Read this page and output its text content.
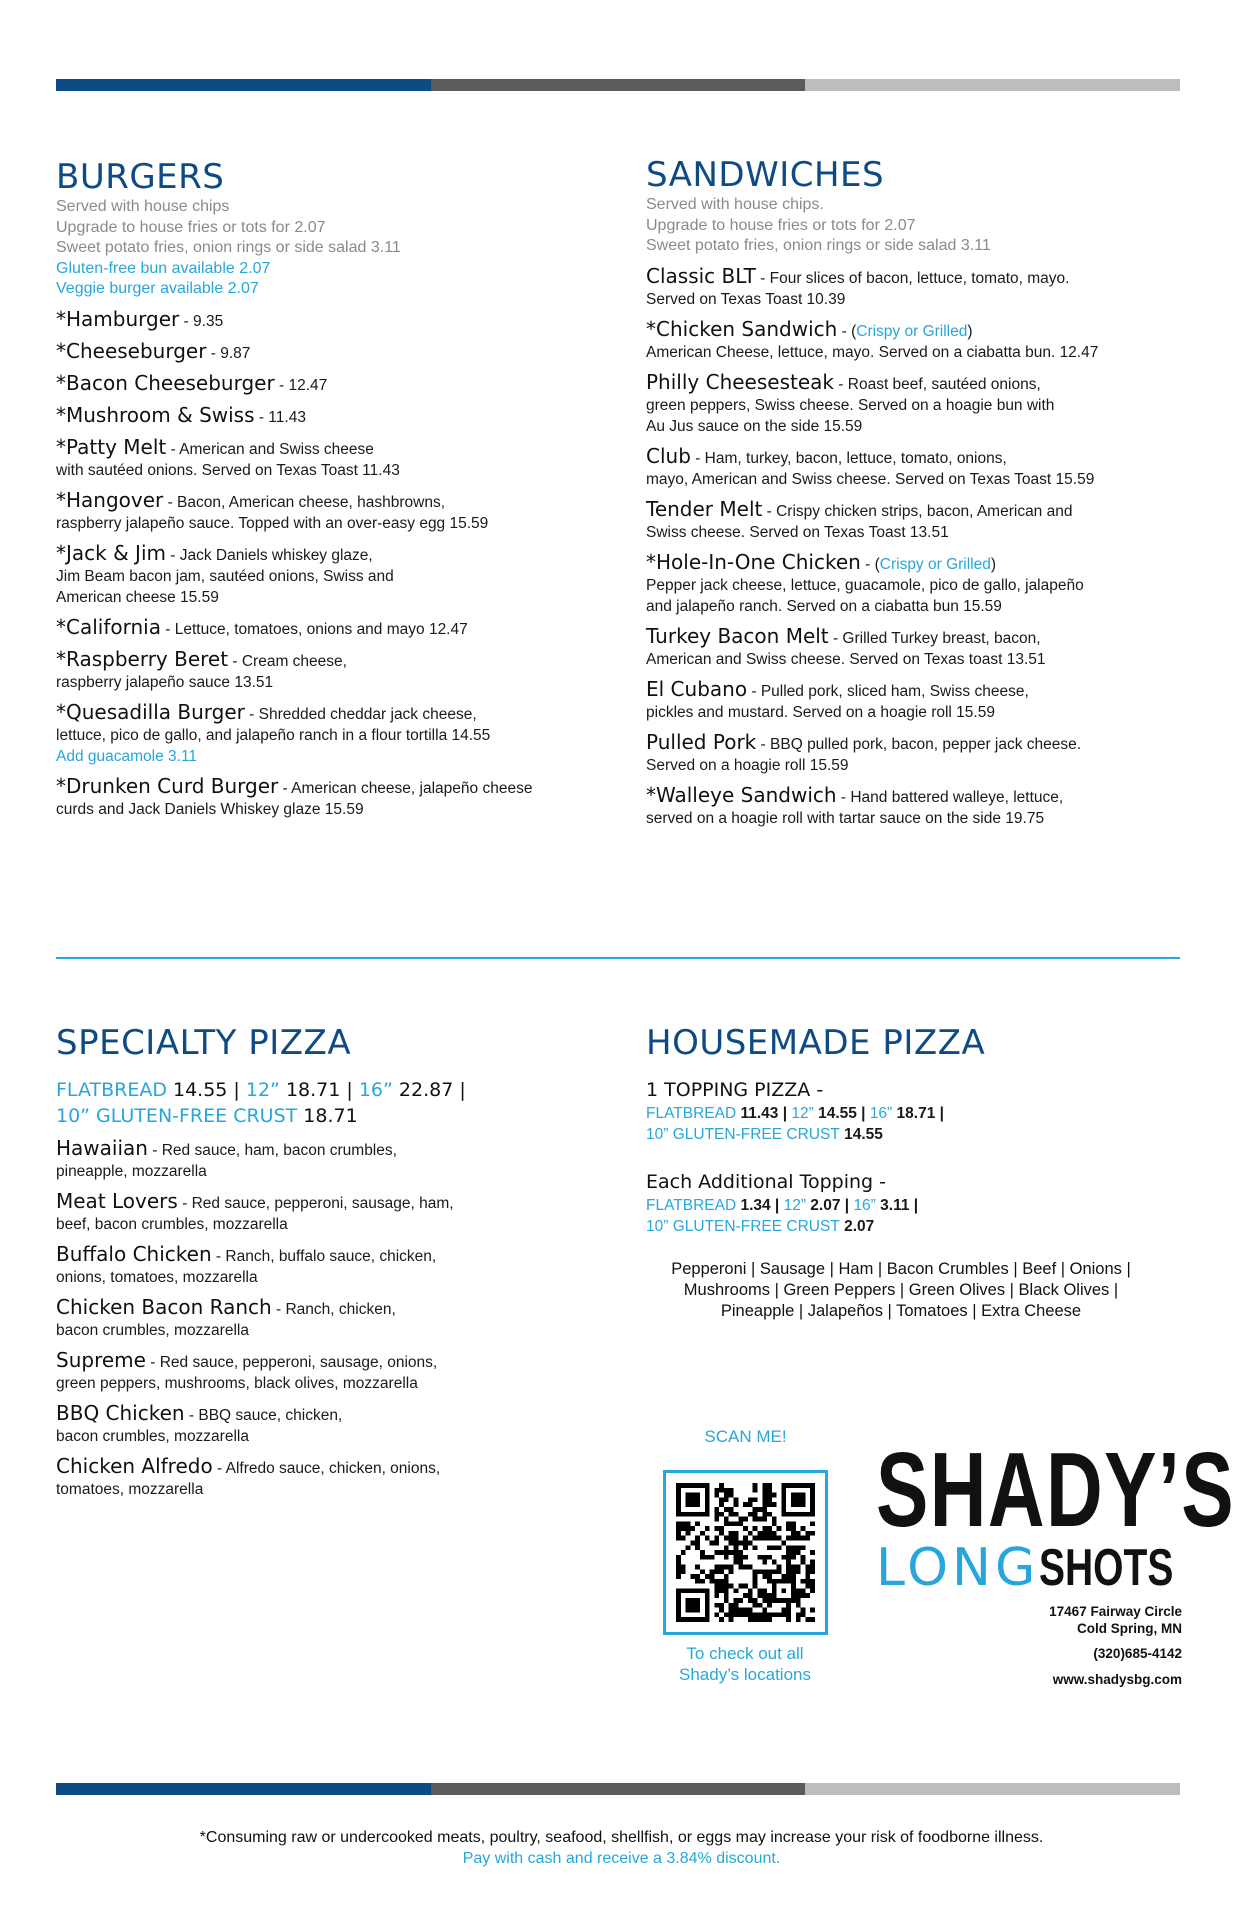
BURGERS
Served with house chips
Upgrade to house fries or tots for 2.07
Sweet potato fries, onion rings or side salad 3.11
Gluten-free bun available 2.07
Veggie burger available 2.07
*Hamburger - 9.35
*Cheeseburger - 9.87
*Bacon Cheeseburger - 12.47
*Mushroom & Swiss - 11.43
*Patty Melt - American and Swiss cheese
with sautéed onions. Served on Texas Toast 11.43
*Hangover - Bacon, American cheese, hashbrowns,
raspberry jalapeño sauce. Topped with an over-easy egg 15.59
*Jack & Jim - Jack Daniels whiskey glaze,
Jim Beam bacon jam, sautéed onions, Swiss and
American cheese 15.59
*California - Lettuce, tomatoes, onions and mayo 12.47
*Raspberry Beret - Cream cheese,
raspberry jalapeño sauce 13.51
*Quesadilla Burger - Shredded cheddar jack cheese,
lettuce, pico de gallo, and jalapeño ranch in a flour tortilla 14.55
Add guacamole 3.11
*Drunken Curd Burger - American cheese, jalapeño cheese
curds and Jack Daniels Whiskey glaze 15.59
SANDWICHES
Served with house chips.
Upgrade to house fries or tots for 2.07
Sweet potato fries, onion rings or side salad 3.11
Classic BLT - Four slices of bacon, lettuce, tomato, mayo.
Served on Texas Toast 10.39
*Chicken Sandwich - (Crispy or Grilled)
American Cheese, lettuce, mayo. Served on a ciabatta bun. 12.47
Philly Cheesesteak - Roast beef, sautéed onions,
green peppers, Swiss cheese. Served on a hoagie bun with
Au Jus sauce on the side 15.59
Club - Ham, turkey, bacon, lettuce, tomato, onions,
mayo, American and Swiss cheese. Served on Texas Toast 15.59
Tender Melt - Crispy chicken strips, bacon, American and
Swiss cheese. Served on Texas Toast 13.51
*Hole-In-One Chicken - (Crispy or Grilled)
Pepper jack cheese, lettuce, guacamole, pico de gallo, jalapeño
and jalapeño ranch. Served on a ciabatta bun 15.59
Turkey Bacon Melt - Grilled Turkey breast, bacon,
American and Swiss cheese. Served on Texas toast 13.51
El Cubano - Pulled pork, sliced ham, Swiss cheese,
pickles and mustard. Served on a hoagie roll 15.59
Pulled Pork - BBQ pulled pork, bacon, pepper jack cheese.
Served on a hoagie roll 15.59
*Walleye Sandwich - Hand battered walleye, lettuce,
served on a hoagie roll with tartar sauce on the side 19.75
SPECIALTY PIZZA
FLATBREAD 14.55 | 12” 18.71 | 16” 22.87 |
10” GLUTEN-FREE CRUST 18.71
Hawaiian - Red sauce, ham, bacon crumbles,
pineapple, mozzarella
Meat Lovers - Red sauce, pepperoni, sausage, ham,
beef, bacon crumbles, mozzarella
Buffalo Chicken - Ranch, buffalo sauce, chicken,
onions, tomatoes, mozzarella
Chicken Bacon Ranch - Ranch, chicken,
bacon crumbles, mozzarella
Supreme - Red sauce, pepperoni, sausage, onions,
green peppers, mushrooms, black olives, mozzarella
BBQ Chicken - BBQ sauce, chicken,
bacon crumbles, mozzarella
Chicken Alfredo - Alfredo sauce, chicken, onions,
tomatoes, mozzarella
HOUSEMADE PIZZA
1 TOPPING PIZZA -
FLATBREAD 11.43 | 12” 14.55 | 16” 18.71 |
10” GLUTEN-FREE CRUST 14.55
Each Additional Topping -
FLATBREAD 1.34 | 12” 2.07 | 16” 3.11 |
10” GLUTEN-FREE CRUST 2.07
Pepperoni | Sausage | Ham | Bacon Crumbles | Beef | Onions |
Mushrooms | Green Peppers | Green Olives | Black Olives |
Pineapple | Jalapeños | Tomatoes | Extra Cheese
SCAN ME!
To check out all
Shady’s locations
SHADY’S
LONGSHOTS
17467 Fairway Circle
Cold Spring, MN
(320)685-4142
www.shadysbg.com
*Consuming raw or undercooked meats, poultry, seafood, shellfish, or eggs may increase your risk of foodborne illness.
Pay with cash and receive a 3.84% discount.
